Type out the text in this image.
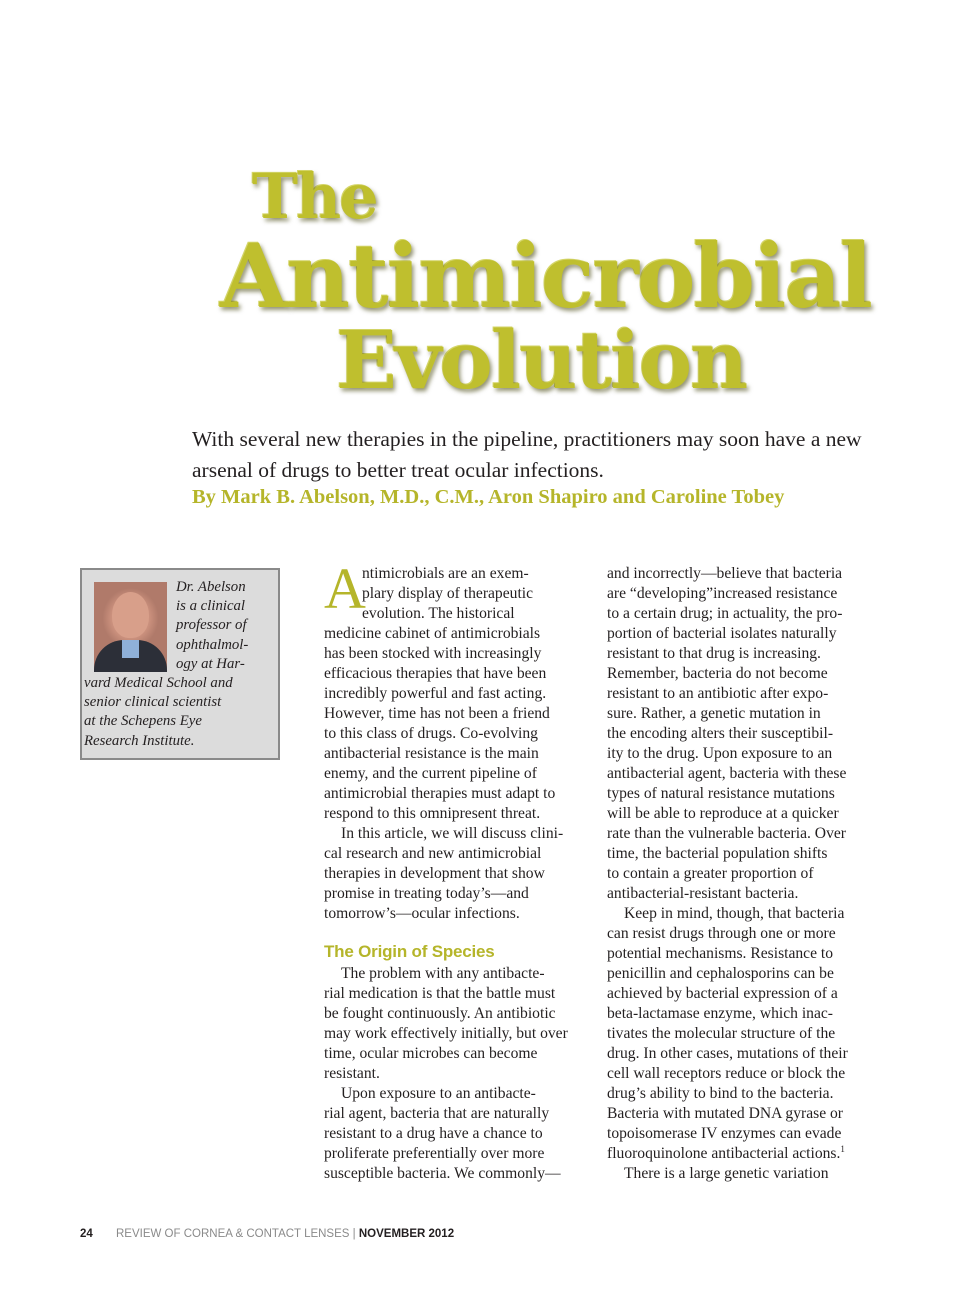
The
Antimicrobial
Evolution

With several new therapies in the pipeline, practitioners may soon have a new arsenal of drugs to better treat ocular infections.

By Mark B. Abelson, M.D., C.M., Aron Shapiro and Caroline Tobey

Dr. Abelson
is a clinical
professor of
ophthalmol-
ogy at Har-
vard Medical School and
senior clinical scientist
at the Schepens Eye
Research Institute.

A
ntimicrobials are an exem-
plary display of therapeutic
evolution. The historical
medicine cabinet of antimicrobials
has been stocked with increasingly
efficacious therapies that have been
incredibly powerful and fast acting.
However, time has not been a friend
to this class of drugs. Co-evolving
antibacterial resistance is the main
enemy, and the current pipeline of
antimicrobial therapies must adapt to
respond to this omnipresent threat.
In this article, we will discuss clini-
cal research and new antimicrobial
therapies in development that show
promise in treating today’s—and
tomorrow’s—ocular infections.
The problem with any antibacte-
rial medication is that the battle must
be fought continuously. An antibiotic
may work effectively initially, but over
time, ocular microbes can become
resistant.
Upon exposure to an antibacte-
rial agent, bacteria that are naturally
resistant to a drug have a chance to
proliferate preferentially over more
susceptible bacteria. We commonly—
The Origin of Species
and incorrectly—believe that bacteria
are “developing”increased resistance
to a certain drug; in actuality, the pro-
portion of bacterial isolates naturally
resistant to that drug is increasing.
Remember, bacteria do not become
resistant to an antibiotic after expo-
sure. Rather, a genetic mutation in
the encoding alters their susceptibil-
ity to the drug. Upon exposure to an
antibacterial agent, bacteria with these
types of natural resistance mutations
will be able to reproduce at a quicker
rate than the vulnerable bacteria. Over
time, the bacterial population shifts
to contain a greater proportion of
antibacterial-resistant bacteria.
Keep in mind, though, that bacteria
can resist drugs through one or more
potential mechanisms. Resistance to
penicillin and cephalosporins can be
achieved by bacterial expression of a
beta-lactamase enzyme, which inac-
tivates the molecular structure of the
drug. In other cases, mutations of their
cell wall receptors reduce or block the
drug’s ability to bind to the bacteria.
Bacteria with mutated DNA gyrase or
topoisomerase IV enzymes can evade
fluoroquinolone antibacterial actions.$^1$
There is a large genetic variation

24 REVIEW OF CORNEA & CONTACT LENSES | NOVEMBER 2012
